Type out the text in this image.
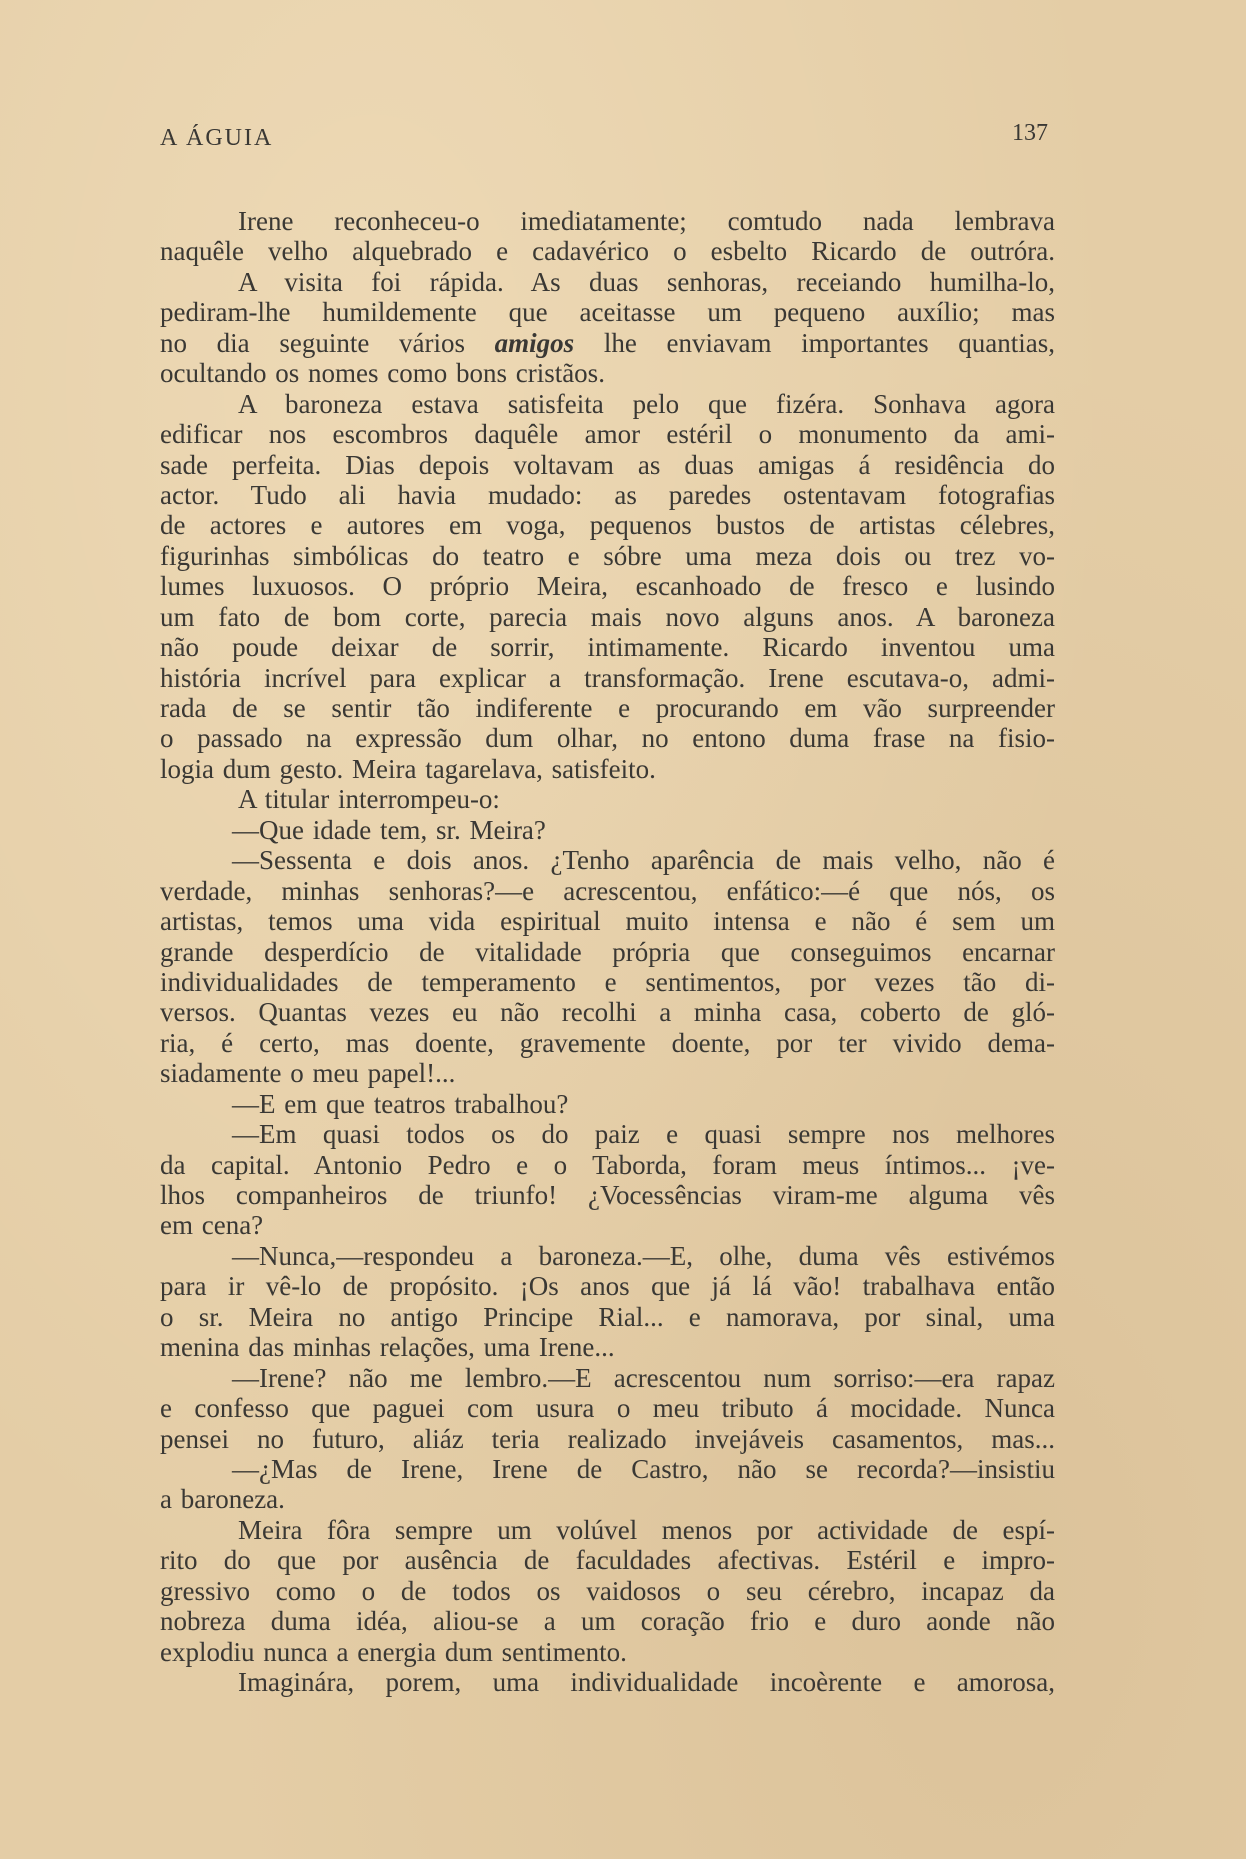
A ÁGUIA	137
Irene reconheceu-o imediatamente; comtudo nada lembrava
naquêle velho alquebrado e cadavérico o esbelto Ricardo de outróra.
A visita foi rápida. As duas senhoras, receiando humilha-lo,
pediram-lhe humildemente que aceitasse um pequeno auxílio; mas
no dia seguinte vários amigos lhe enviavam importantes quantias,
ocultando os nomes como bons cristãos.
A baroneza estava satisfeita pelo que fizéra. Sonhava agora
edificar nos escombros daquêle amor estéril o monumento da ami-
sade perfeita. Dias depois voltavam as duas amigas á residência do
actor. Tudo ali havia mudado: as paredes ostentavam fotografias
de actores e autores em voga, pequenos bustos de artistas célebres,
figurinhas simbólicas do teatro e sóbre uma meza dois ou trez vo-
lumes luxuosos. O próprio Meira, escanhoado de fresco e lusindo
um fato de bom corte, parecia mais novo alguns anos. A baroneza
não poude deixar de sorrir, intimamente. Ricardo inventou uma
história incrível para explicar a transformação. Irene escutava-o, admi-
rada de se sentir tão indiferente e procurando em vão surpreender
o passado na expressão dum olhar, no entono duma frase na fisio-
logia dum gesto. Meira tagarelava, satisfeito.
A titular interrompeu-o:
—Que idade tem, sr. Meira?
—Sessenta e dois anos. ¿Tenho aparência de mais velho, não é
verdade, minhas senhoras?—e acrescentou, enfático:—é que nós, os
artistas, temos uma vida espiritual muito intensa e não é sem um
grande desperdício de vitalidade própria que conseguimos encarnar
individualidades de temperamento e sentimentos, por vezes tão di-
versos. Quantas vezes eu não recolhi a minha casa, coberto de gló-
ria, é certo, mas doente, gravemente doente, por ter vivido dema-
siadamente o meu papel!...
—E em que teatros trabalhou?
—Em quasi todos os do paiz e quasi sempre nos melhores
da capital. Antonio Pedro e o Taborda, foram meus íntimos... ¡ve-
lhos companheiros de triunfo! ¿Vocessências viram-me alguma vês
em cena?
—Nunca,—respondeu a baroneza.—E, olhe, duma vês estivémos
para ir vê-lo de propósito. ¡Os anos que já lá vão! trabalhava então
o sr. Meira no antigo Principe Rial... e namorava, por sinal, uma
menina das minhas relações, uma Irene...
—Irene? não me lembro.—E acrescentou num sorriso:—era rapaz
e confesso que paguei com usura o meu tributo á mocidade. Nunca
pensei no futuro, aliáz teria realizado invejáveis casamentos, mas...
—¿Mas de Irene, Irene de Castro, não se recorda?—insistiu
a baroneza.
Meira fôra sempre um volúvel menos por actividade de espí-
rito do que por ausência de faculdades afectivas. Estéril e impro-
gressivo como o de todos os vaidosos o seu cérebro, incapaz da
nobreza duma idéa, aliou-se a um coração frio e duro aonde não
explodiu nunca a energia dum sentimento.
Imaginára, porem, uma individualidade incoèrente e amorosa,
